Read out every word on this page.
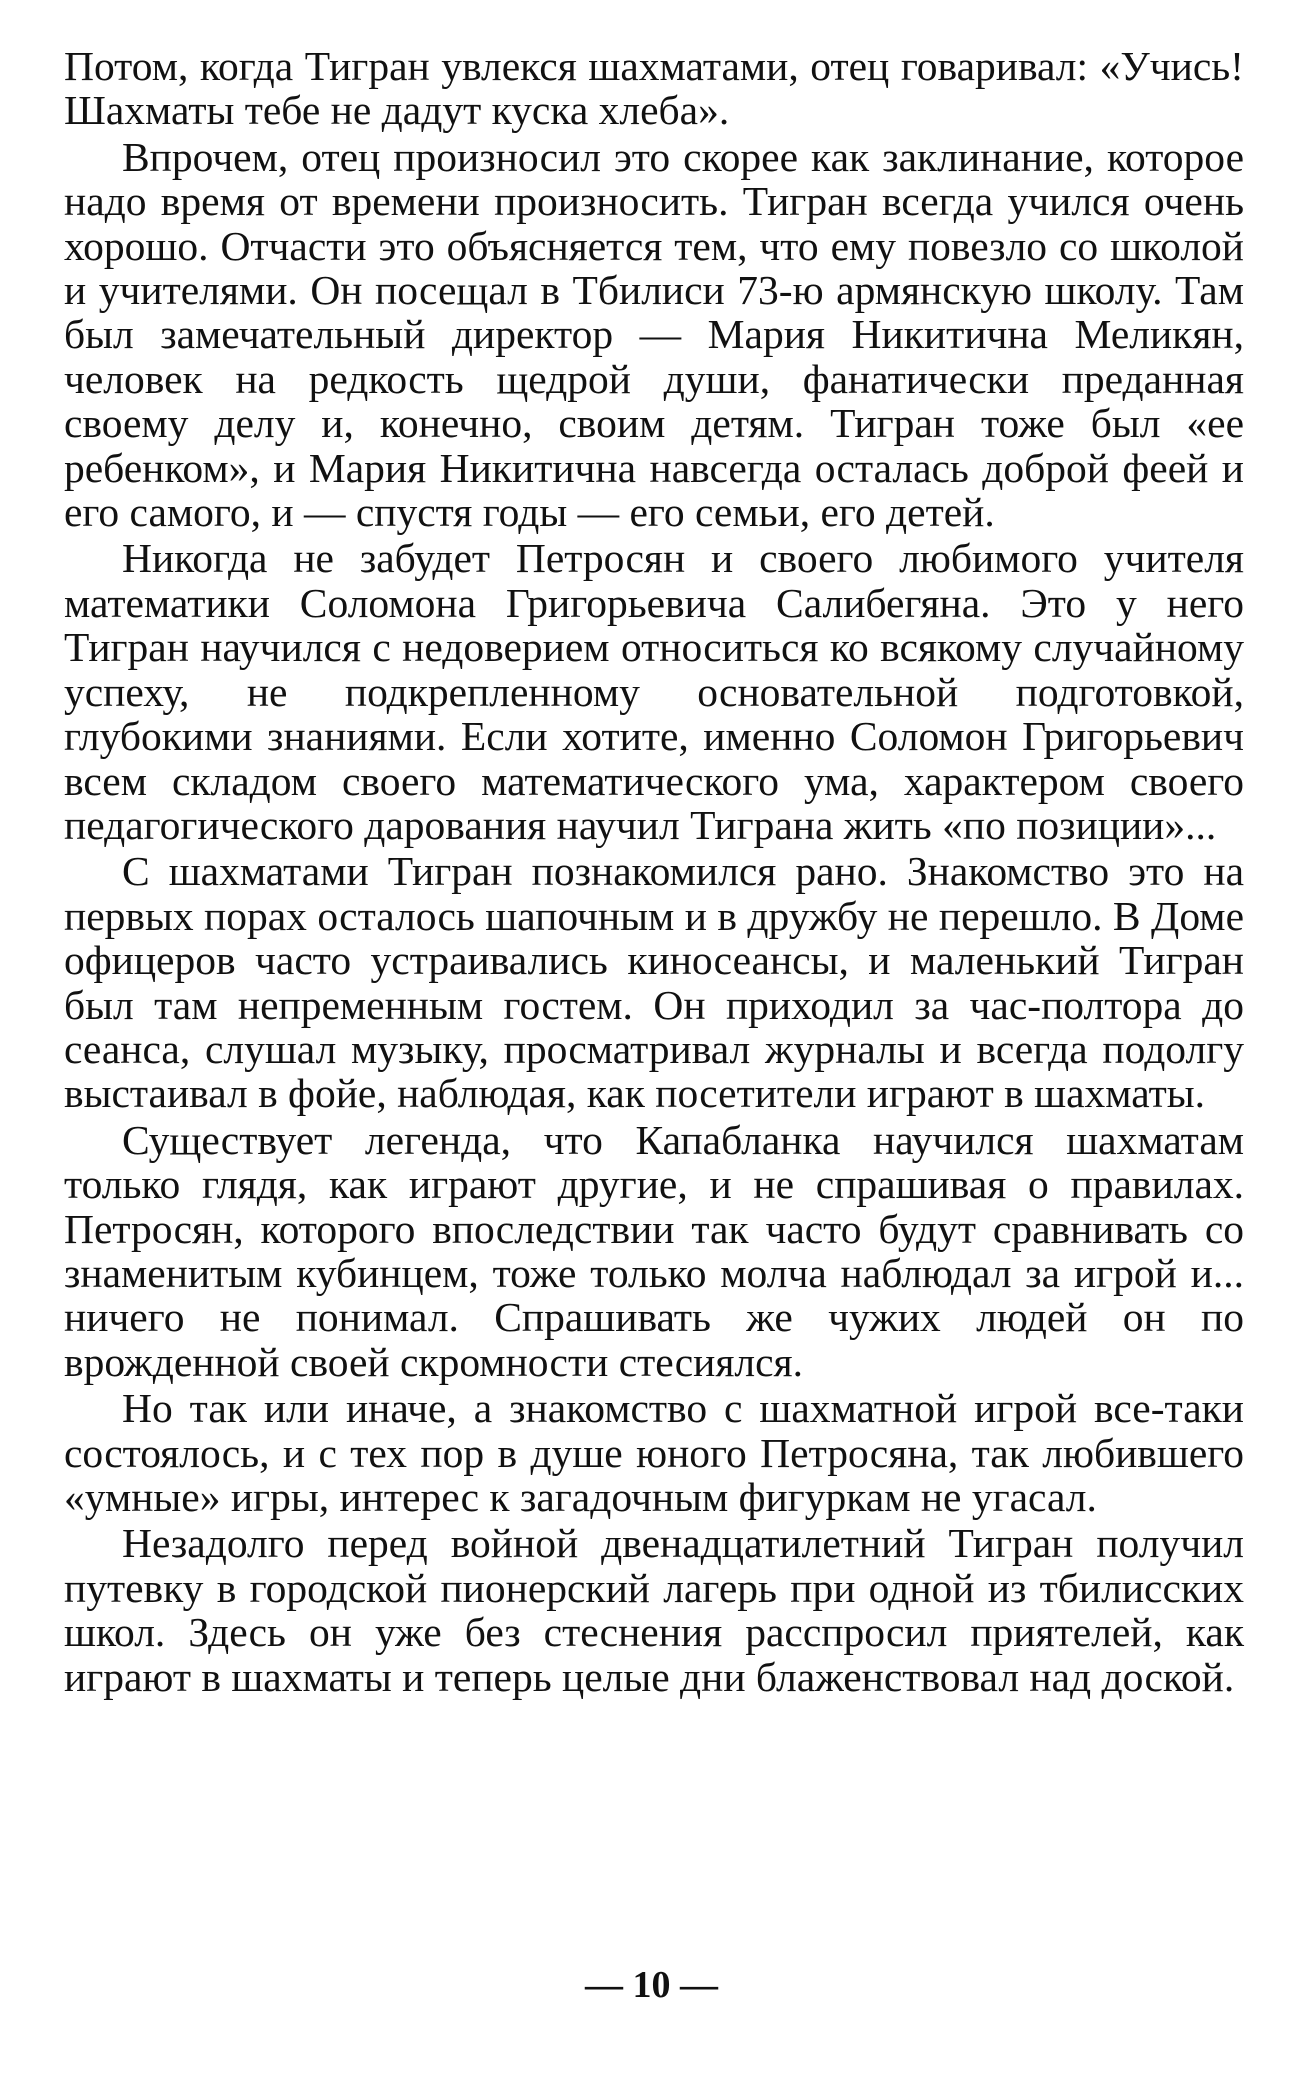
Потом, когда Тигран увлекся шахматами, отец говаривал: «Учись! Шахматы тебе не дадут куска хлеба».

Впрочем, отец произносил это скорее как заклинание, которое надо время от времени произносить. Тигран всегда учился очень хорошо. Отчасти это объясняется тем, что ему повезло со школой и учителями. Он посещал в Тбилиси 73-ю армянскую школу. Там был замечательный директор — Мария Никитична Меликян, человек на редкость щедрой души, фанатически преданная своему делу и, конечно, своим детям. Тигран тоже был «ее ребенком», и Мария Никитична навсегда осталась доброй феей и его самого, и — спустя годы — его семьи, его детей.

Никогда не забудет Петросян и своего любимого учителя математики Соломона Григорьевича Салибегяна. Это у него Тигран научился с недоверием относиться ко всякому случайному успеху, не подкрепленному основательной подготовкой, глубокими знаниями. Если хотите, именно Соломон Григорьевич всем складом своего математического ума, характером своего педагогического дарования научил Тиграна жить «по позиции»...

С шахматами Тигран познакомился рано. Знакомство это на первых порах осталось шапочным и в дружбу не перешло. В Доме офицеров часто устраивались киносеансы, и маленький Тигран был там непременным гостем. Он приходил за час-полтора до сеанса, слушал музыку, просматривал журналы и всегда подолгу выстаивал в фойе, наблюдая, как посетители играют в шахматы.

Существует легенда, что Капабланка научился шахматам только глядя, как играют другие, и не спрашивая о правилах. Петросян, которого впоследствии так часто будут сравнивать со знаменитым кубинцем, тоже только молча наблюдал за игрой и... ничего не понимал. Спрашивать же чужих людей он по врожденной своей скромности стесиялся.

Но так или иначе, а знакомство с шахматной игрой все-таки состоялось, и с тех пор в душе юного Петросяна, так любившего «умные» игры, интерес к загадочным фигуркам не угасал.

Незадолго перед войной двенадцатилетний Тигран получил путевку в городской пионерский лагерь при одной из тбилисских школ. Здесь он уже без стеснения расспросил приятелей, как играют в шахматы и теперь целые дни блаженствовал над доской.

— 10 —
